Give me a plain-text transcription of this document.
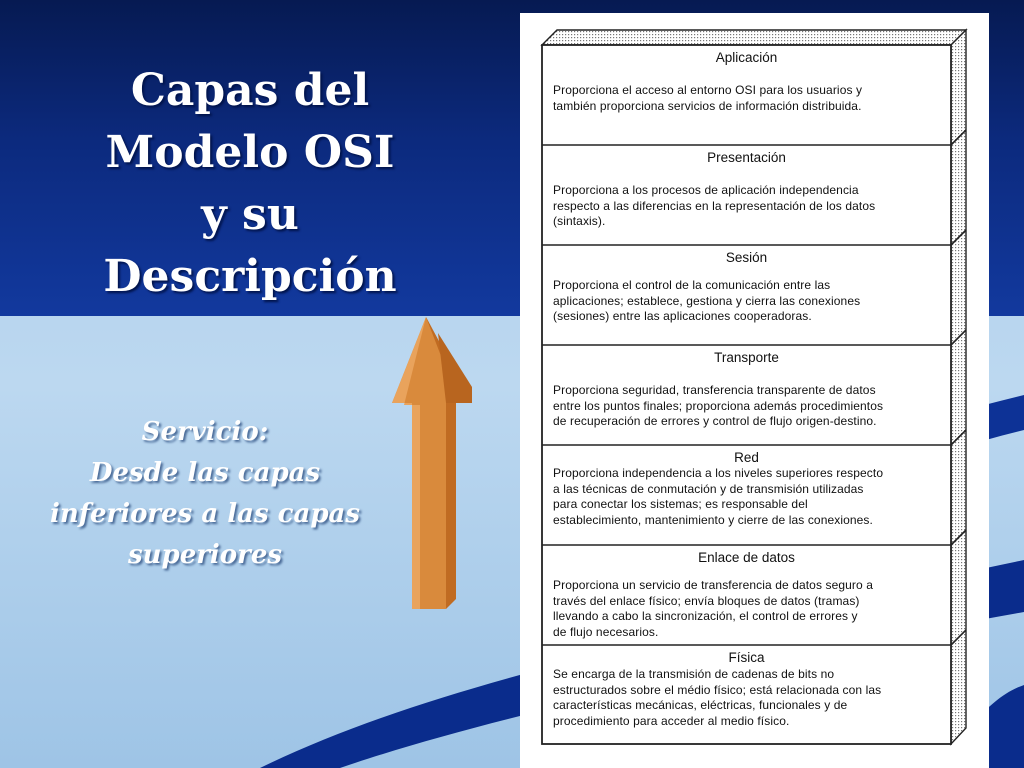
Capas del
Modelo OSI
y su
Descripción
Servicio:
Desde las capas
inferiores a las capas
superiores
Aplicación
Proporciona el acceso al entorno OSI para los usuarios y
también proporciona servicios de información distribuida.
Presentación
Proporciona a los procesos de aplicación independencia
respecto a las diferencias en la representación de los datos
(sintaxis).
Sesión
Proporciona el control de la comunicación entre las
aplicaciones; establece, gestiona y cierra las conexiones
(sesiones) entre las aplicaciones cooperadoras.
Transporte
Proporciona seguridad, transferencia transparente de datos
entre los puntos finales; proporciona además procedimientos
de recuperación de errores y control de flujo origen-destino.
Red
Proporciona independencia a los niveles superiores respecto
a las técnicas de conmutación y de transmisión utilizadas
para conectar los sistemas; es responsable del
establecimiento, mantenimiento y cierre de las conexiones.
Enlace de datos
Proporciona un servicio de transferencia de datos seguro a
través del enlace físico; envía bloques de datos (tramas)
llevando a cabo la sincronización, el control de errores y
de flujo necesarios.
Física
Se encarga de la transmisión de cadenas de bits no
estructurados sobre el médio físico; está relacionada con las
características mecánicas, eléctricas, funcionales y de
procedimiento para acceder al medio físico.
